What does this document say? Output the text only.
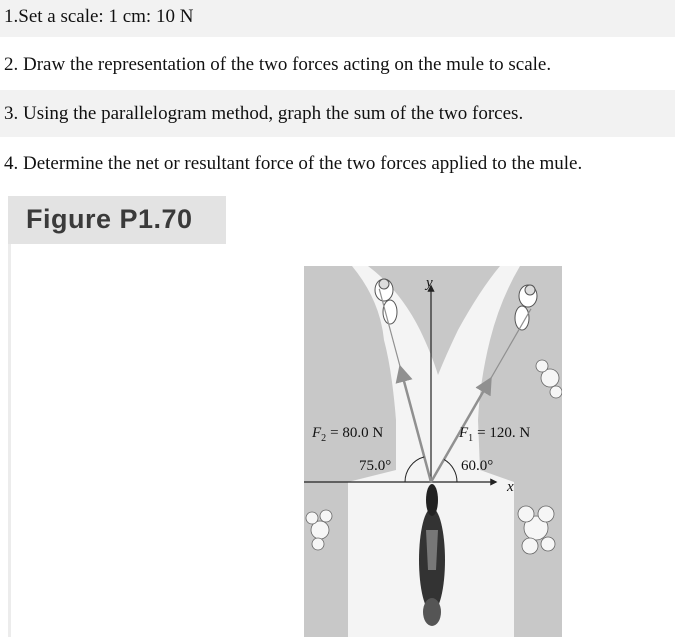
1.Set a scale: 1 cm: 10 N
2. Draw the representation of the two forces acting on the mule to scale.
3. Using the parallelogram method, graph the sum of the two forces.
4. Determine the net or resultant force of the two forces applied to the mule.
Figure P1.70
y
x
$F_2 = 80.0$ N
75.0°
$F_1 = 120$. N
60.0°
